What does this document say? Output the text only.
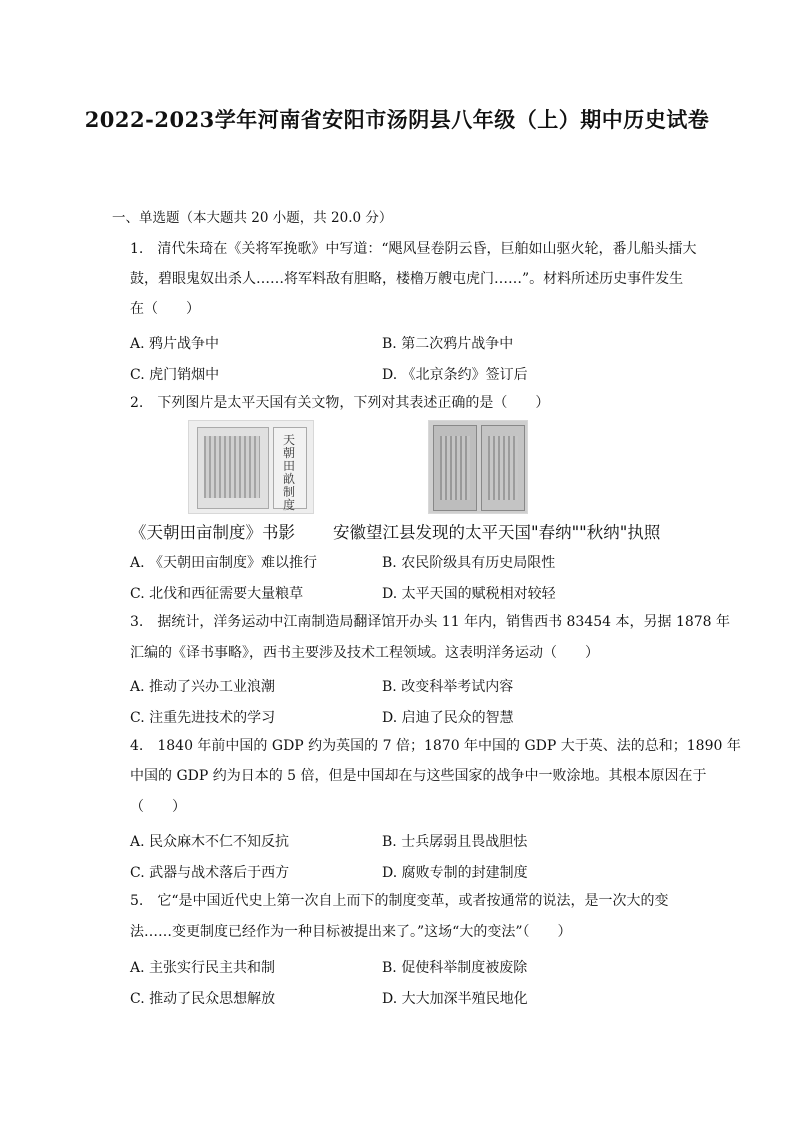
2022-2023学年河南省安阳市汤阴县八年级（上）期中历史试卷
一、单选题（本大题共 20 小题，共 20.0 分）
1.　清代朱琦在《关将军挽歌》中写道：“飓风昼卷阴云昏，巨舶如山驱火轮，番儿船头擂大
鼓，碧眼鬼奴出杀人……将军料敌有胆略，楼橹万艘屯虎门……”。材料所述历史事件发生
在（　　）
A. 鸦片战争中	B. 第二次鸦片战争中
C. 虎门销烟中	D. 《北京条约》签订后
2.　下列图片是太平天国有关文物，下列对其表述正确的是（　　）
天
朝
田
畝
制
度
《天朝田亩制度》书影 安徽望江县发现的太平天国"春纳""秋纳"执照
A. 《天朝田亩制度》难以推行	B. 农民阶级具有历史局限性
C. 北伐和西征需要大量粮草	D. 太平天国的赋税相对较轻
3.　据统计，洋务运动中江南制造局翻译馆开办头 11 年内，销售西书 83454 本，另据 1878 年
汇编的《译书事略》，西书主要涉及技术工程领域。这表明洋务运动（　　）
A. 推动了兴办工业浪潮	B. 改变科举考试内容
C. 注重先进技术的学习	D. 启迪了民众的智慧
4.　1840 年前中国的 GDP 约为英国的 7 倍；1870 年中国的 GDP 大于英、法的总和；1890 年
中国的 GDP 约为日本的 5 倍，但是中国却在与这些国家的战争中一败涂地。其根本原因在于
（　　）
A. 民众麻木不仁不知反抗	B. 士兵孱弱且畏战胆怯
C. 武器与战术落后于西方	D. 腐败专制的封建制度
5.　它“是中国近代史上第一次自上而下的制度变革，或者按通常的说法，是一次大的变
法……变更制度已经作为一种目标被提出来了。”这场“大的变法”（　　）
A. 主张实行民主共和制	B. 促使科举制度被废除
C. 推动了民众思想解放	D. 大大加深半殖民地化
